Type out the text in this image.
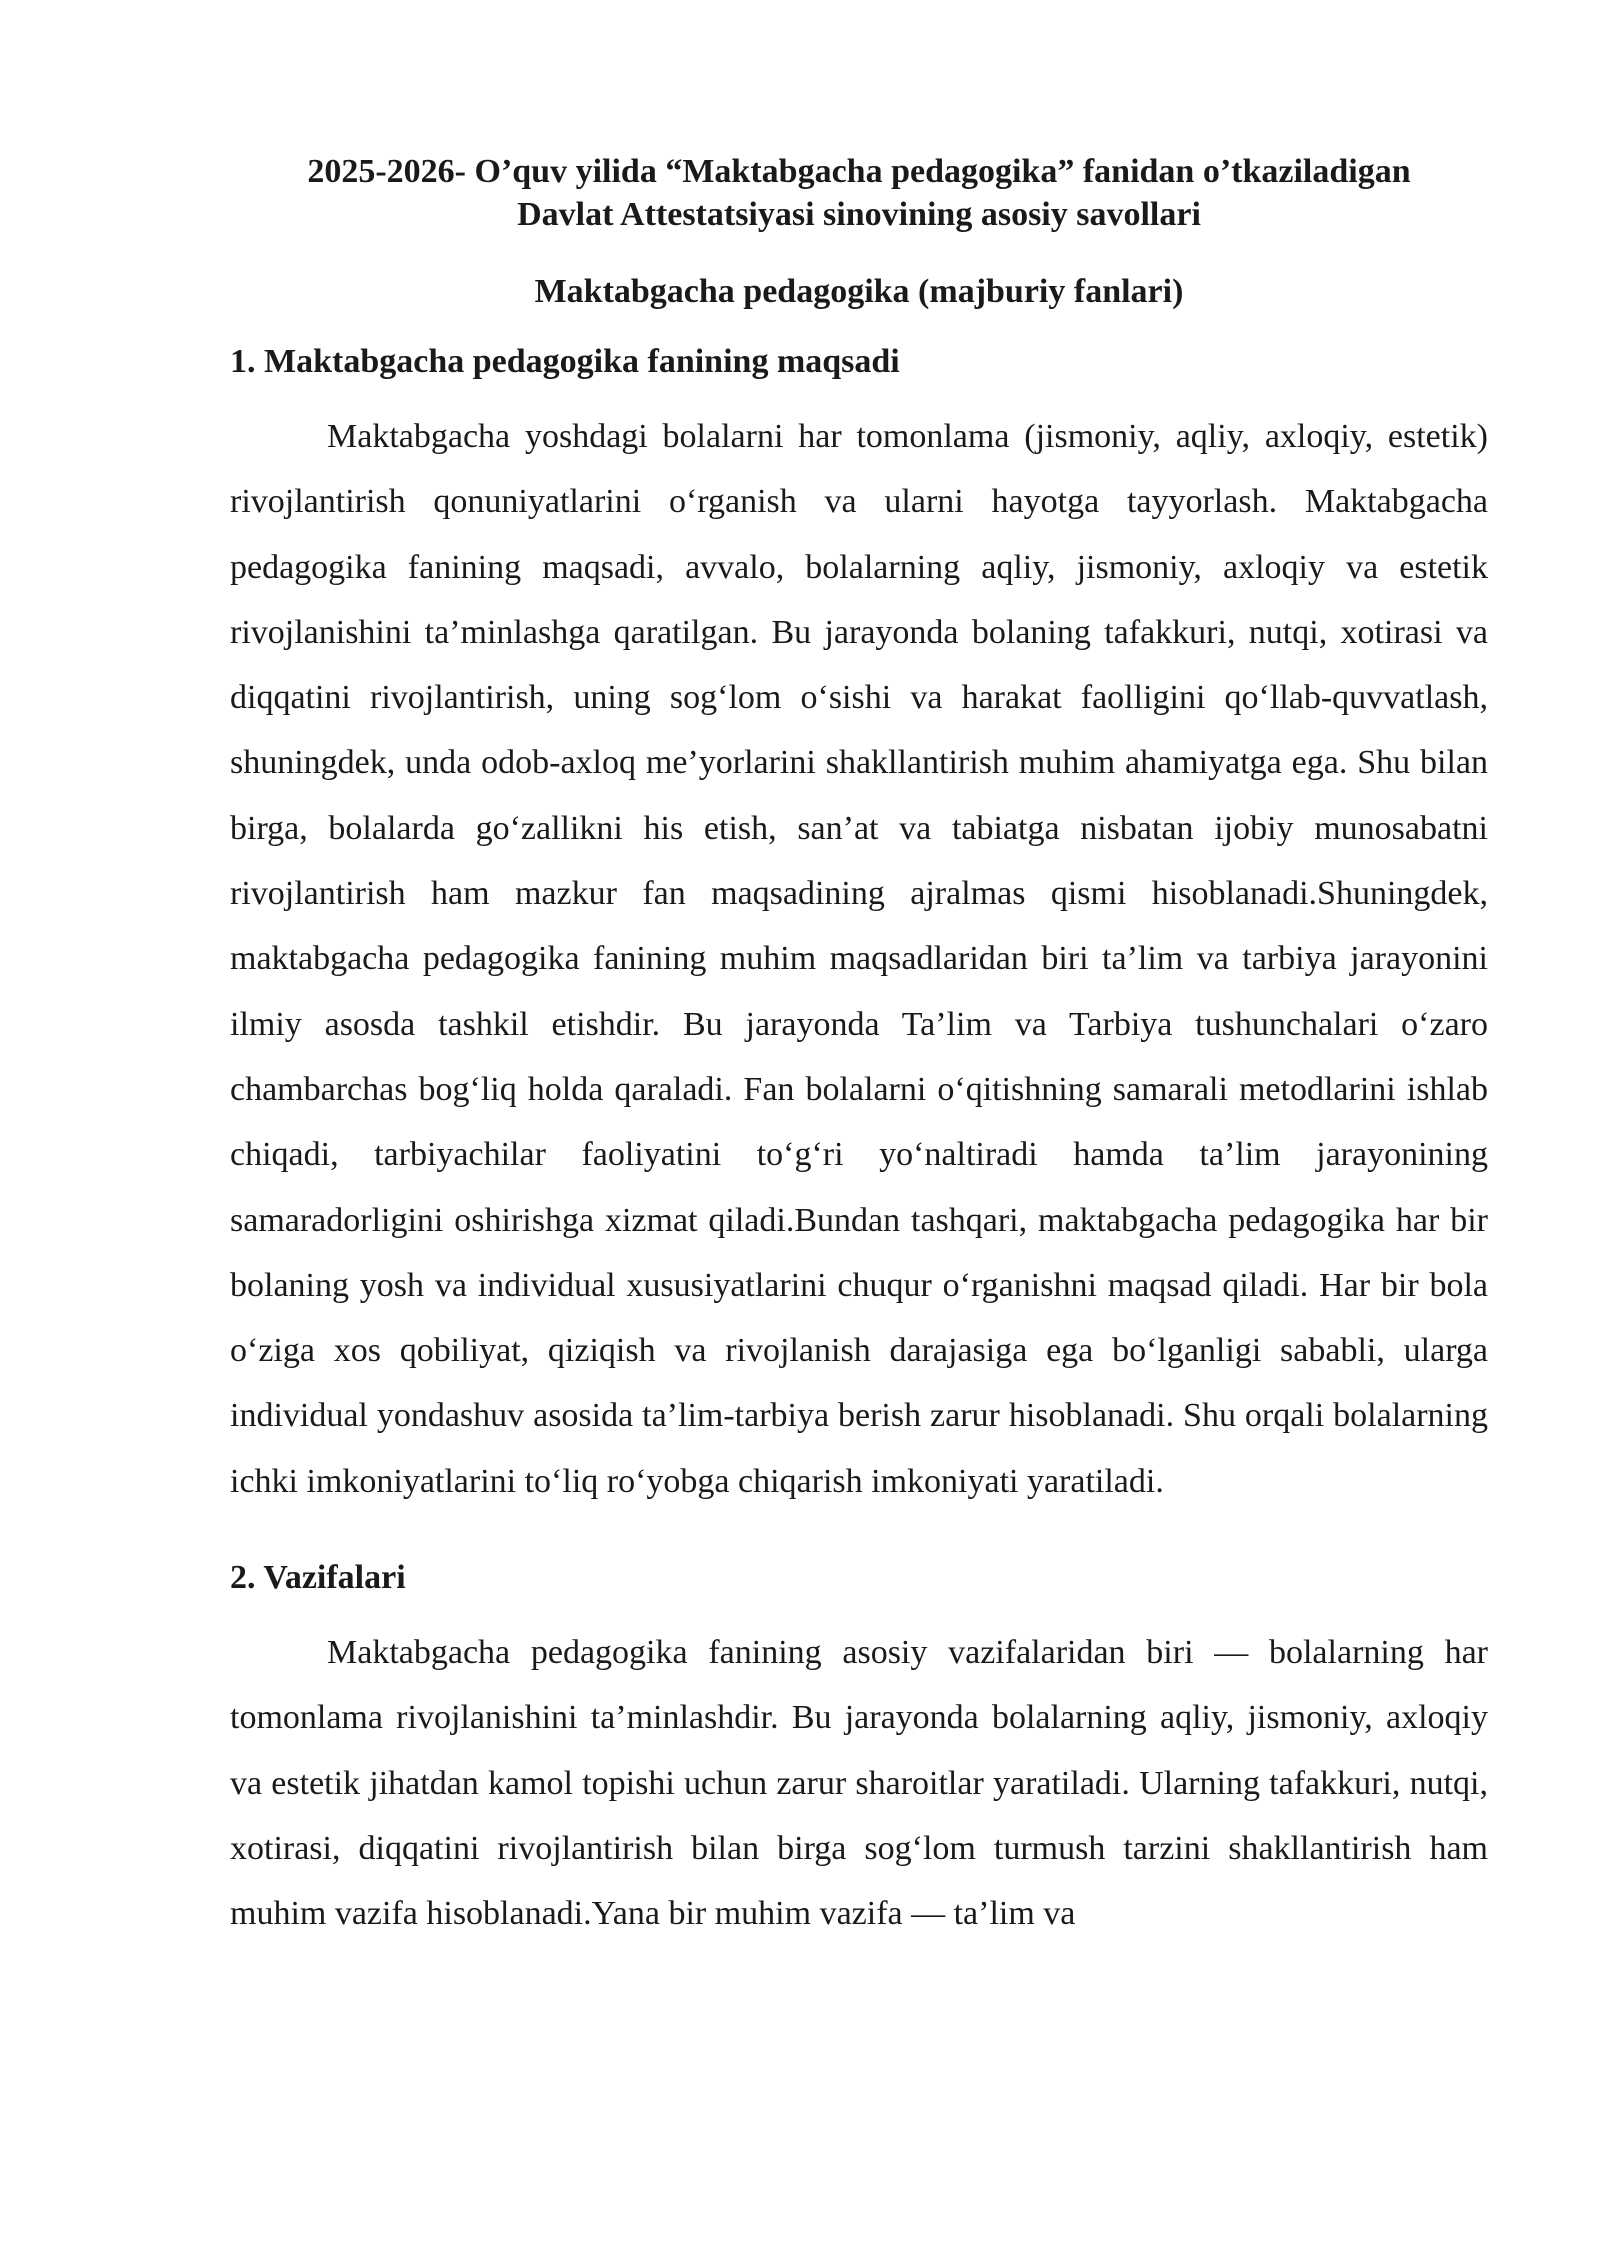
2025-2026- O’quv yilida “Maktabgacha pedagogika” fanidan o’tkaziladigan
Davlat Attestatsiyasi sinovining asosiy savollari

Maktabgacha pedagogika (majburiy fanlari)

1. Maktabgacha pedagogika fanining maqsadi

Maktabgacha yoshdagi bolalarni har tomonlama (jismoniy, aqliy, axloqiy, estetik) rivojlantirish qonuniyatlarini o‘rganish va ularni hayotga tayyorlash. Maktabgacha pedagogika fanining maqsadi, avvalo, bolalarning aqliy, jismoniy, axloqiy va estetik rivojlanishini ta’minlashga qaratilgan. Bu jarayonda bolaning tafakkuri, nutqi, xotirasi va diqqatini rivojlantirish, uning sog‘lom o‘sishi va harakat faolligini qo‘llab-quvvatlash, shuningdek, unda odob-axloq me’yorlarini shakllantirish muhim ahamiyatga ega. Shu bilan birga, bolalarda go‘zallikni his etish, san’at va tabiatga nisbatan ijobiy munosabatni rivojlantirish ham mazkur fan maqsadining ajralmas qismi hisoblanadi.Shuningdek, maktabgacha pedagogika fanining muhim maqsadlaridan biri ta’lim va tarbiya jarayonini ilmiy asosda tashkil etishdir. Bu jarayonda Ta’lim va Tarbiya tushunchalari o‘zaro chambarchas bog‘liq holda qaraladi. Fan bolalarni o‘qitishning samarali metodlarini ishlab chiqadi, tarbiyachilar faoliyatini to‘g‘ri yo‘naltiradi hamda ta’lim jarayonining samaradorligini oshirishga xizmat qiladi.Bundan tashqari, maktabgacha pedagogika har bir bolaning yosh va individual xususiyatlarini chuqur o‘rganishni maqsad qiladi. Har bir bola o‘ziga xos qobiliyat, qiziqish va rivojlanish darajasiga ega bo‘lganligi sababli, ularga individual yondashuv asosida ta’lim-tarbiya berish zarur hisoblanadi. Shu orqali bolalarning ichki imkoniyatlarini to‘liq ro‘yobga chiqarish imkoniyati yaratiladi.

2. Vazifalari

Maktabgacha pedagogika fanining asosiy vazifalaridan biri — bolalarning har tomonlama rivojlanishini ta’minlashdir. Bu jarayonda bolalarning aqliy, jismoniy, axloqiy va estetik jihatdan kamol topishi uchun zarur sharoitlar yaratiladi. Ularning tafakkuri, nutqi, xotirasi, diqqatini rivojlantirish bilan birga sog‘lom turmush tarzini shakllantirish ham muhim vazifa hisoblanadi.Yana bir muhim vazifa — ta’lim va
